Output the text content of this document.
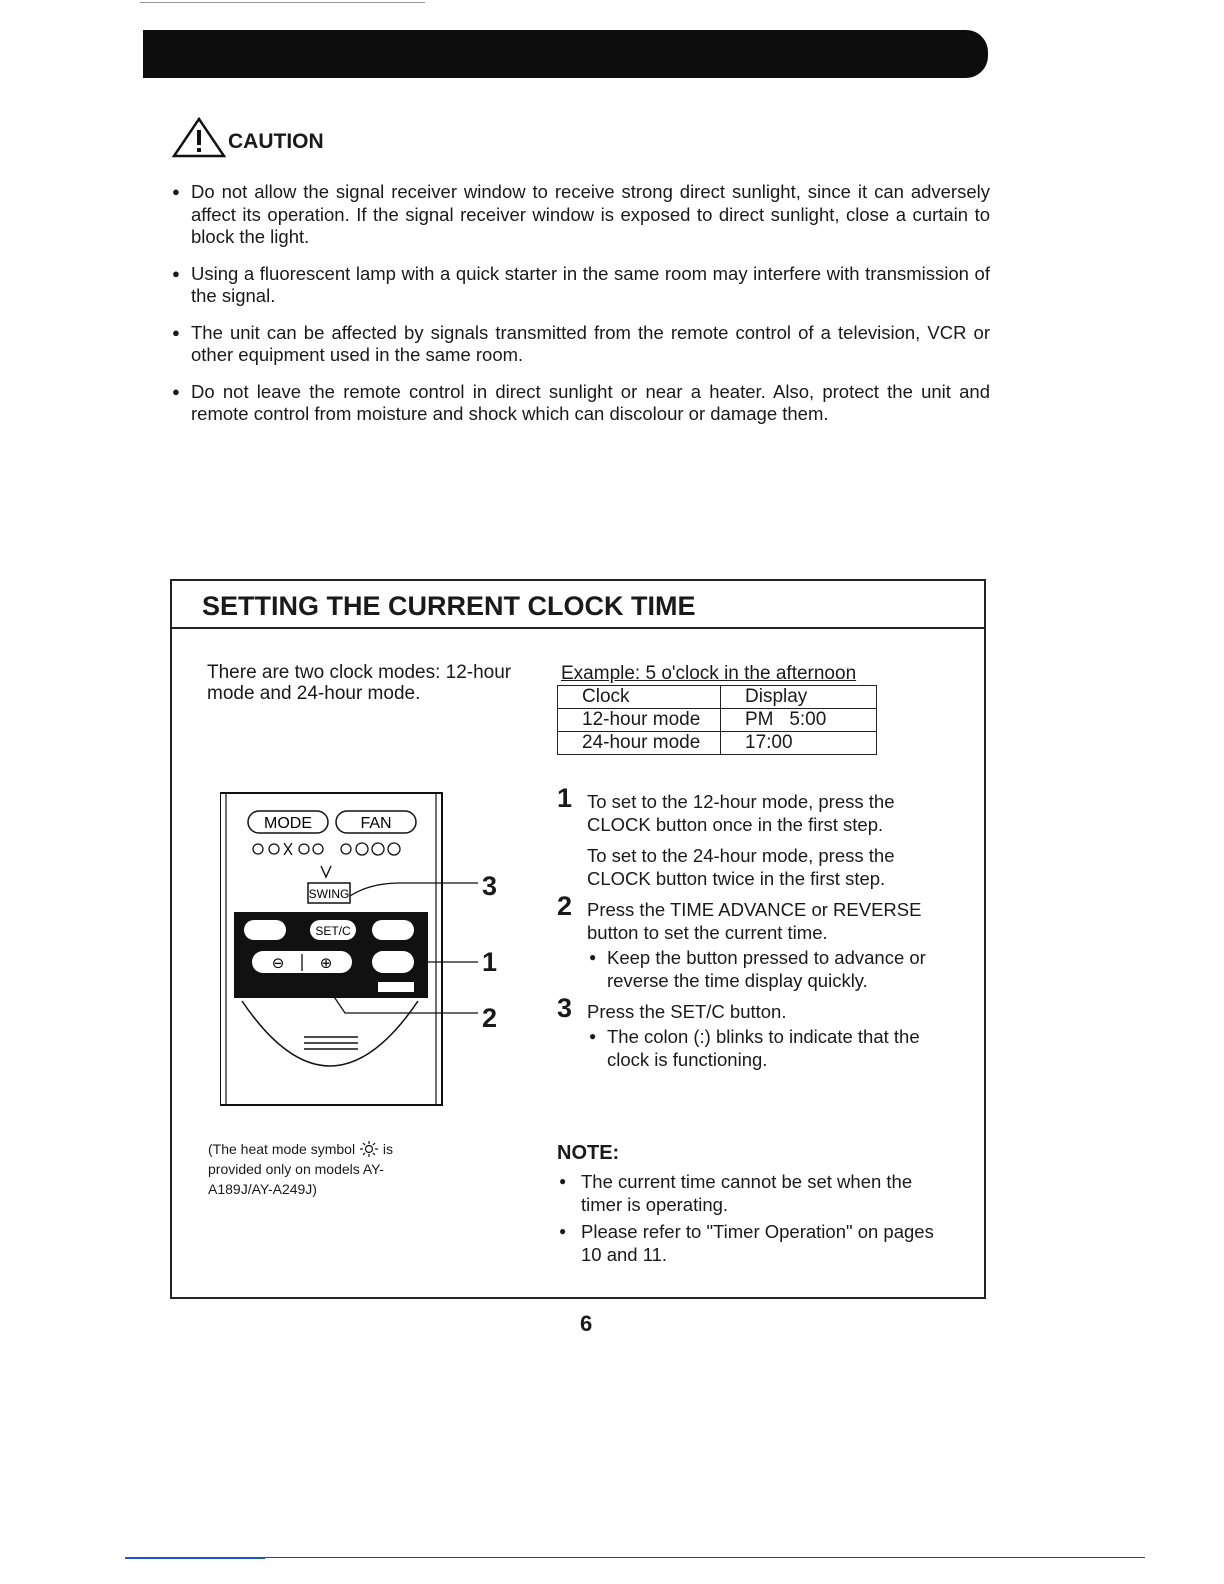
CAUTION
● Do not allow the signal receiver window to receive strong direct sunlight, since it can adversely affect its operation. If the signal receiver window is exposed to direct sunlight, close a curtain to block the light.
● Using a fluorescent lamp with a quick starter in the same room may interfere with transmission of the signal.
● The unit can be affected by signals transmitted from the remote control of a television, VCR or other equipment used in the same room.
● Do not leave the remote control in direct sunlight or near a heater. Also, protect the unit and remote control from moisture and shock which can discolour or damage them.
SETTING THE CURRENT CLOCK TIME
There are two clock modes: 12-hour mode and 24-hour mode.
Example: 5 o'clock in the afternoon
Clock	Display
12-hour mode	PM   5:00
24-hour mode	17:00
MODE	FAN
SWING
SET/C
⊖ ⊕
3
1
2
(The heat mode symbol is provided only on models AY-A189J/AY-A249J)
1 To set to the 12-hour mode, press the CLOCK button once in the first step.

To set to the 24-hour mode, press the CLOCK button twice in the first step.

2 Press the TIME ADVANCE or REVERSE button to set the current time.

● Keep the button pressed to advance or reverse the time display quickly.

3 Press the SET/C button.

● The colon (:) blinks to indicate that the clock is functioning.

NOTE:
● The current time cannot be set when the timer is operating.
● Please refer to "Timer Operation" on pages 10 and 11.
6
